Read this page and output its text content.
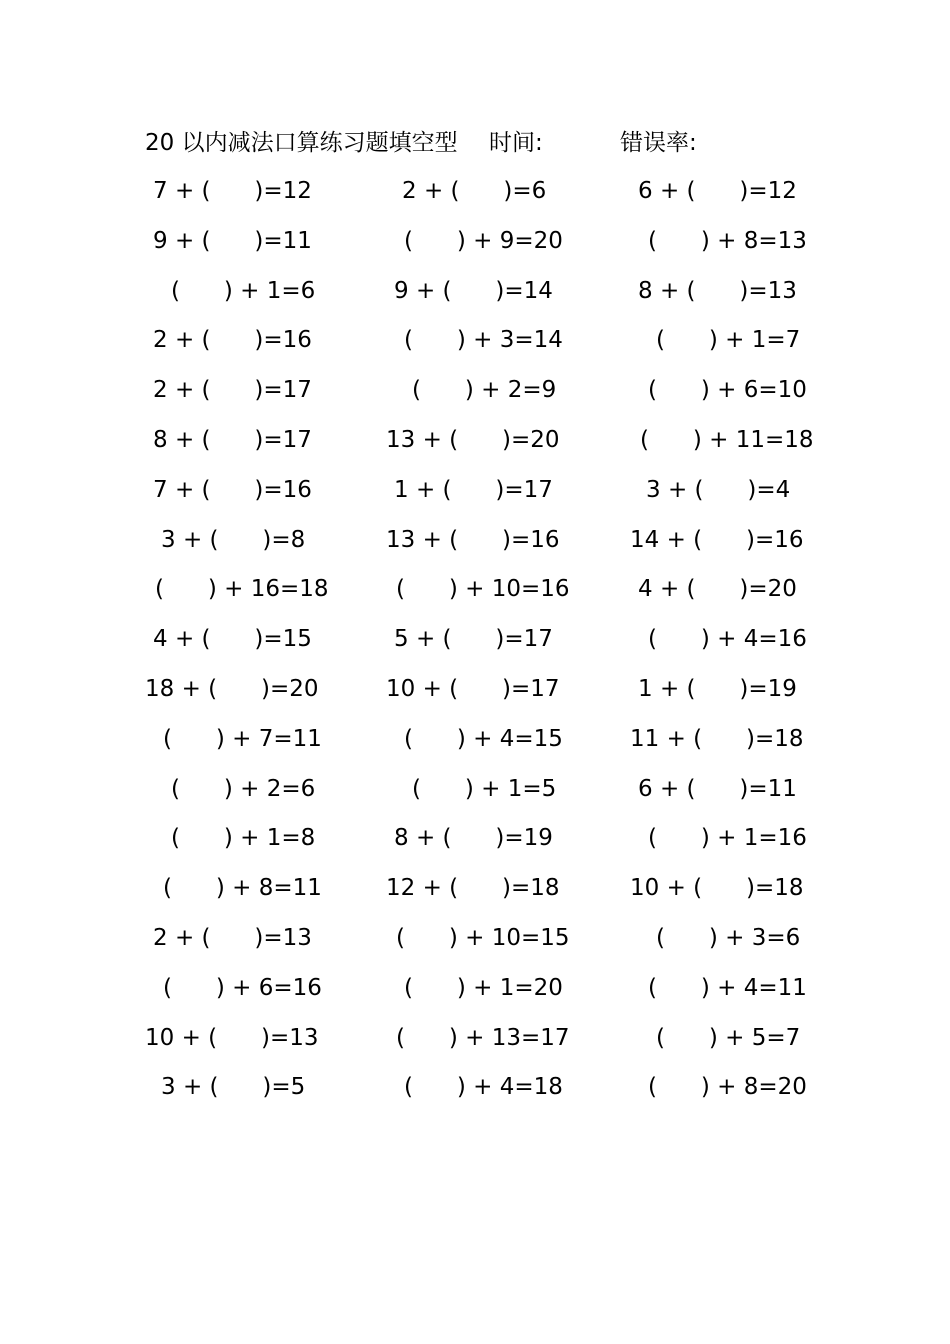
20 以内减法口算练习题填空型 时间:	错误率:
7 + (      )=12	2 + (      )=6	6 + (      )=12
9 + (      )=11	(      ) + 9=20	(      ) + 8=13
(      ) + 1=6	9 + (      )=14	8 + (      )=13
2 + (      )=16	(      ) + 3=14	(      ) + 1=7
2 + (      )=17	(      ) + 2=9	(      ) + 6=10
8 + (      )=17	13 + (      )=20	(      ) + 11=18
7 + (      )=16	1 + (      )=17	3 + (      )=4
3 + (      )=8	13 + (      )=16	14 + (      )=16
(      ) + 16=18	(      ) + 10=16	4 + (      )=20
4 + (      )=15	5 + (      )=17	(      ) + 4=16
18 + (      )=20	10 + (      )=17	1 + (      )=19
(      ) + 7=11	(      ) + 4=15	11 + (      )=18
(      ) + 2=6	(      ) + 1=5	6 + (      )=11
(      ) + 1=8	8 + (      )=19	(      ) + 1=16
(      ) + 8=11	12 + (      )=18	10 + (      )=18
2 + (      )=13	(      ) + 10=15	(      ) + 3=6
(      ) + 6=16	(      ) + 1=20	(      ) + 4=11
10 + (      )=13	(      ) + 13=17	(      ) + 5=7
3 + (      )=5	(      ) + 4=18	(      ) + 8=20
